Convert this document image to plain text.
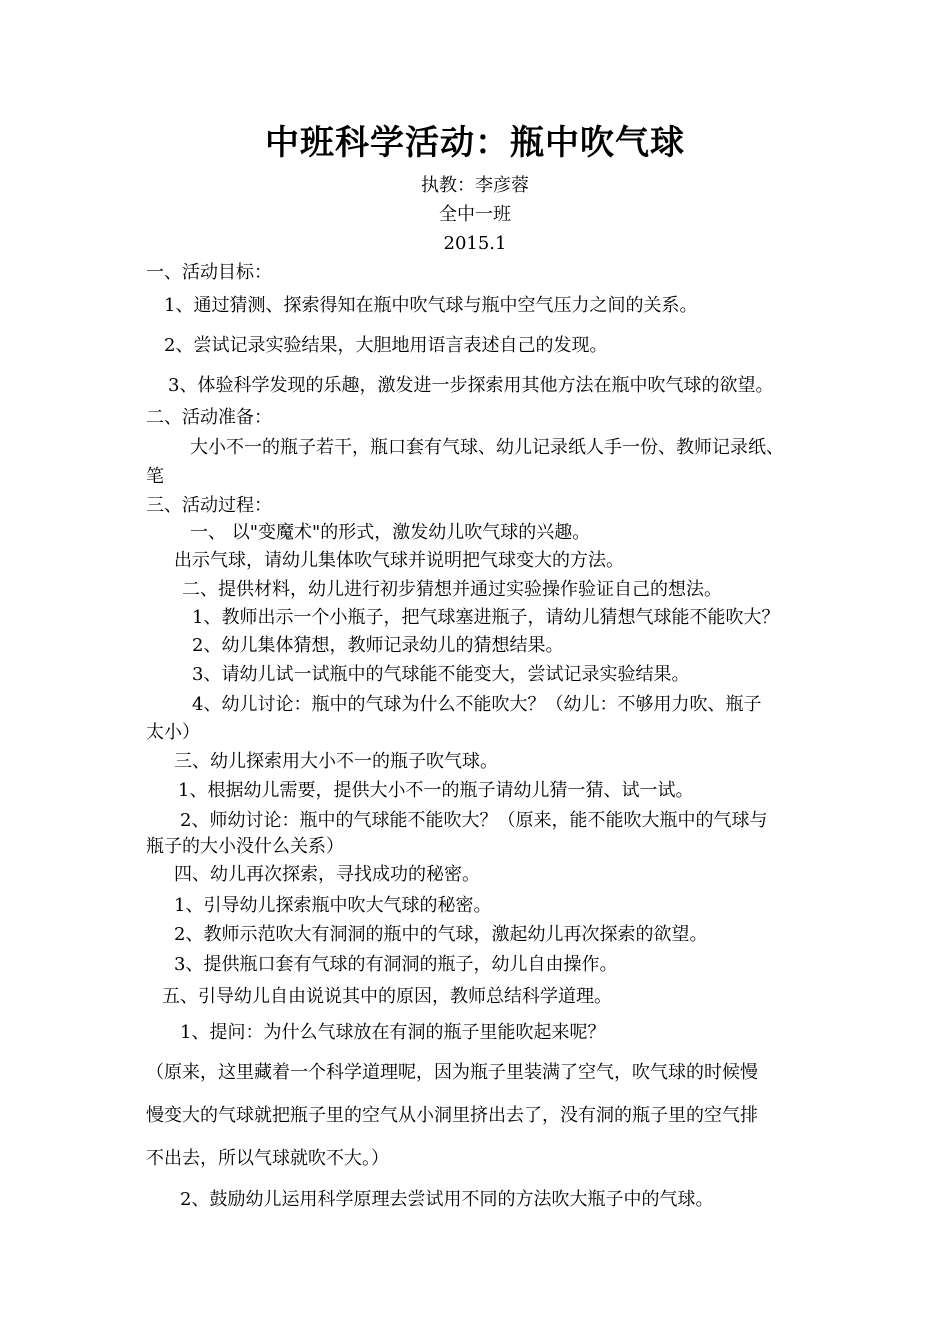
中班科学活动：瓶中吹气球
执教：李彦蓉
全中一班
2015.1
一、活动目标：
1、通过猜测、探索得知在瓶中吹气球与瓶中空气压力之间的关系。
2、尝试记录实验结果，大胆地用语言表述自己的发现。
3、体验科学发现的乐趣，激发进一步探索用其他方法在瓶中吹气球的欲望。
二、活动准备：
大小不一的瓶子若干，瓶口套有气球、幼儿记录纸人手一份、教师记录纸、
笔
三、活动过程：
一、 以"变魔术"的形式，激发幼儿吹气球的兴趣。
出示气球，请幼儿集体吹气球并说明把气球变大的方法。
二、提供材料，幼儿进行初步猜想并通过实验操作验证自己的想法。
1、教师出示一个小瓶子，把气球塞进瓶子，请幼儿猜想气球能不能吹大？
2、幼儿集体猜想，教师记录幼儿的猜想结果。
3、请幼儿试一试瓶中的气球能不能变大，尝试记录实验结果。
4、幼儿讨论：瓶中的气球为什么不能吹大？（幼儿：不够用力吹、瓶子
太小）
三、幼儿探索用大小不一的瓶子吹气球。
1、根据幼儿需要，提供大小不一的瓶子请幼儿猜一猜、试一试。
2、师幼讨论：瓶中的气球能不能吹大？（原来，能不能吹大瓶中的气球与
瓶子的大小没什么关系）
四、幼儿再次探索，寻找成功的秘密。
1、引导幼儿探索瓶中吹大气球的秘密。
2、教师示范吹大有洞洞的瓶中的气球，激起幼儿再次探索的欲望。
3、提供瓶口套有气球的有洞洞的瓶子，幼儿自由操作。
五、引导幼儿自由说说其中的原因，教师总结科学道理。
1、提问：为什么气球放在有洞的瓶子里能吹起来呢？
（原来，这里藏着一个科学道理呢，因为瓶子里装满了空气，吹气球的时候慢
慢变大的气球就把瓶子里的空气从小洞里挤出去了，没有洞的瓶子里的空气排
不出去，所以气球就吹不大。）
2、鼓励幼儿运用科学原理去尝试用不同的方法吹大瓶子中的气球。
